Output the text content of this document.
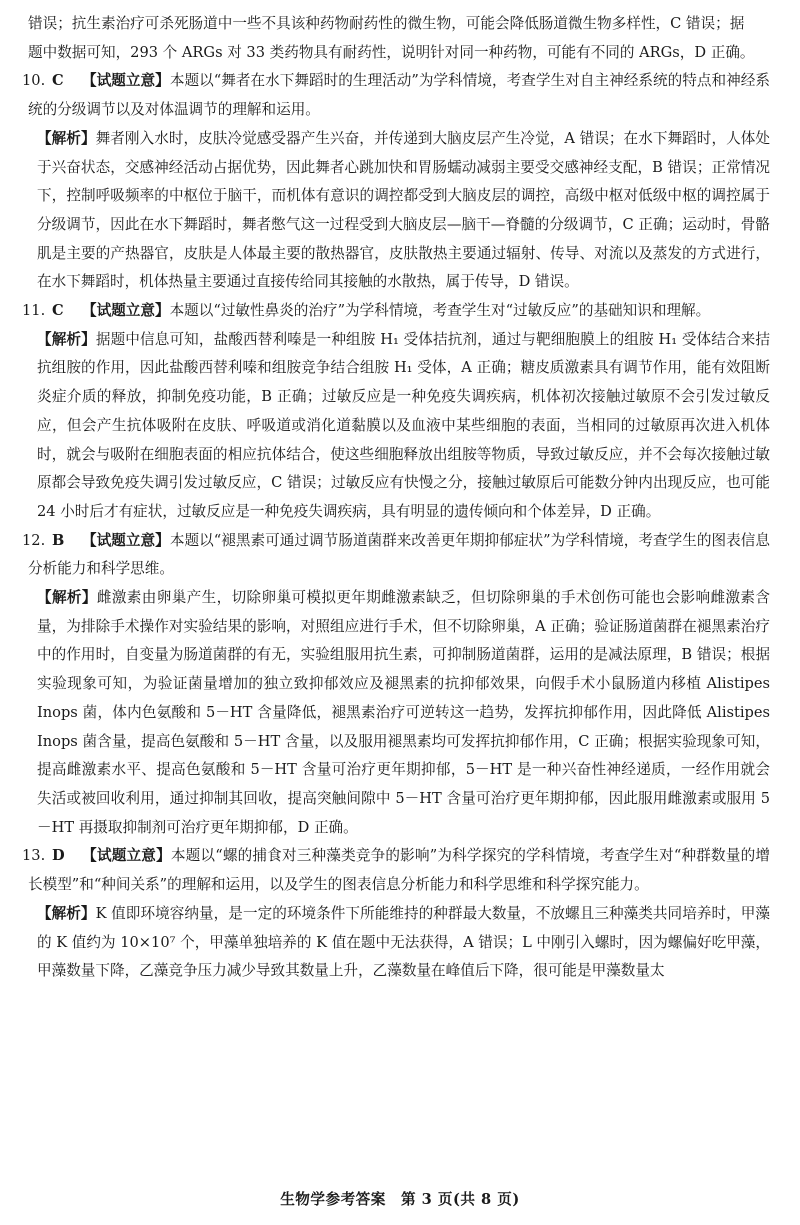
错误；抗生素治疗可杀死肠道中一些不具该种药物耐药性的微生物，可能会降低肠道微生物多样性，C 错误；据

题中数据可知，293 个 ARGs 对 33 类药物具有耐药性，说明针对同一种药物，可能有不同的 ARGs，D 正确。

10. C 【试题立意】本题以“舞者在水下舞蹈时的生理活动”为学科情境，考查学生对自主神经系统的特点和神经系统的分级调节以及对体温调节的理解和运用。

【解析】舞者刚入水时，皮肤冷觉感受器产生兴奋，并传递到大脑皮层产生冷觉，A 错误；在水下舞蹈时，人体处于兴奋状态，交感神经活动占据优势，因此舞者心跳加快和胃肠蠕动减弱主要受交感神经支配，B 错误；正常情况下，控制呼吸频率的中枢位于脑干，而机体有意识的调控都受到大脑皮层的调控，高级中枢对低级中枢的调控属于分级调节，因此在水下舞蹈时，舞者憋气这一过程受到大脑皮层—脑干—脊髓的分级调节，C 正确；运动时，骨骼肌是主要的产热器官，皮肤是人体最主要的散热器官，皮肤散热主要通过辐射、传导、对流以及蒸发的方式进行，在水下舞蹈时，机体热量主要通过直接传给同其接触的水散热，属于传导，D 错误。

11. C 【试题立意】本题以“过敏性鼻炎的治疗”为学科情境，考查学生对“过敏反应”的基础知识和理解。

【解析】据题中信息可知，盐酸西替利嗪是一种组胺 H₁ 受体拮抗剂，通过与靶细胞膜上的组胺 H₁ 受体结合来拮抗组胺的作用，因此盐酸西替利嗪和组胺竞争结合组胺 H₁ 受体，A 正确；糖皮质激素具有调节作用，能有效阻断炎症介质的释放，抑制免疫功能，B 正确；过敏反应是一种免疫失调疾病，机体初次接触过敏原不会引发过敏反应，但会产生抗体吸附在皮肤、呼吸道或消化道黏膜以及血液中某些细胞的表面，当相同的过敏原再次进入机体时，就会与吸附在细胞表面的相应抗体结合，使这些细胞释放出组胺等物质，导致过敏反应，并不会每次接触过敏原都会导致免疫失调引发过敏反应，C 错误；过敏反应有快慢之分，接触过敏原后可能数分钟内出现反应，也可能 24 小时后才有症状，过敏反应是一种免疫失调疾病，具有明显的遗传倾向和个体差异，D 正确。

12. B 【试题立意】本题以“褪黑素可通过调节肠道菌群来改善更年期抑郁症状”为学科情境，考查学生的图表信息分析能力和科学思维。

【解析】雌激素由卵巢产生，切除卵巢可模拟更年期雌激素缺乏，但切除卵巢的手术创伤可能也会影响雌激素含量，为排除手术操作对实验结果的影响，对照组应进行手术，但不切除卵巢，A 正确；验证肠道菌群在褪黑素治疗中的作用时，自变量为肠道菌群的有无，实验组服用抗生素，可抑制肠道菌群，运用的是减法原理，B 错误；根据实验现象可知，为验证菌量增加的独立致抑郁效应及褪黑素的抗抑郁效果，向假手术小鼠肠道内移植 Alistipes Inops 菌，体内色氨酸和 5－HT 含量降低，褪黑素治疗可逆转这一趋势，发挥抗抑郁作用，因此降低 Alistipes Inops 菌含量，提高色氨酸和 5－HT 含量，以及服用褪黑素均可发挥抗抑郁作用，C 正确；根据实验现象可知，提高雌激素水平、提高色氨酸和 5－HT 含量可治疗更年期抑郁，5－HT 是一种兴奋性神经递质，一经作用就会失活或被回收利用，通过抑制其回收，提高突触间隙中 5－HT 含量可治疗更年期抑郁，因此服用雌激素或服用 5－HT 再摄取抑制剂可治疗更年期抑郁，D 正确。

13. D 【试题立意】本题以“螺的捕食对三种藻类竞争的影响”为科学探究的学科情境，考查学生对“种群数量的增长模型”和“种间关系”的理解和运用，以及学生的图表信息分析能力和科学思维和科学探究能力。

【解析】K 值即环境容纳量，是一定的环境条件下所能维持的种群最大数量，不放螺且三种藻类共同培养时，甲藻的 K 值约为 10×10⁷ 个，甲藻单独培养的 K 值在题中无法获得，A 错误；L 中刚引入螺时，因为螺偏好吃甲藻，甲藻数量下降，乙藻竞争压力减少导致其数量上升，乙藻数量在峰值后下降，很可能是甲藻数量太

生物学参考答案　第 3 页(共 8 页)
